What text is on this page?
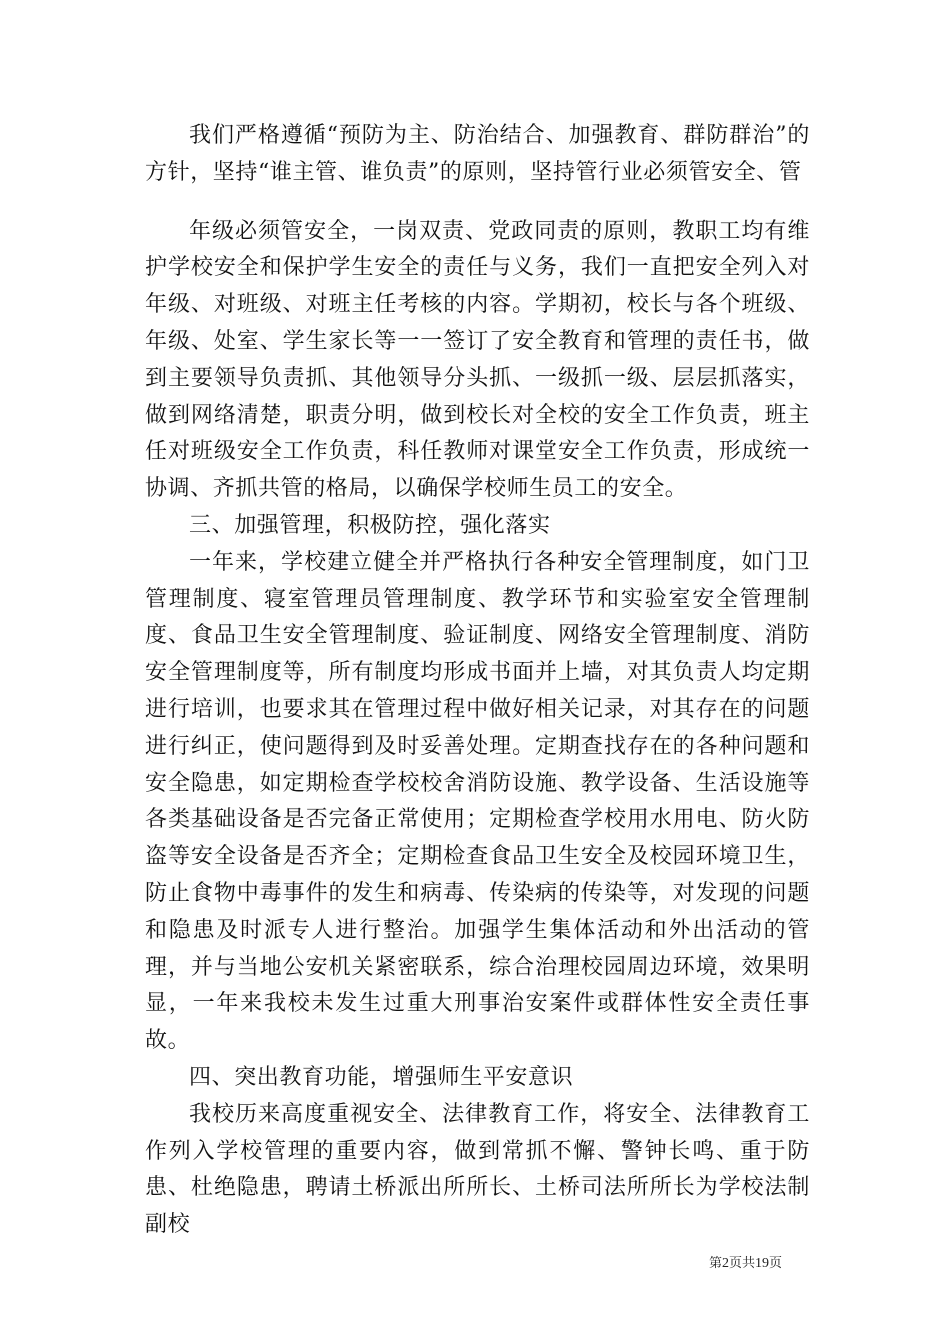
我们严格遵循“预防为主、防治结合、加强教育、群防群治”的方针，坚持“谁主管、谁负责”的原则，坚持管行业必须管安全、管

年级必须管安全，一岗双责、党政同责的原则，教职工均有维护学校安全和保护学生安全的责任与义务，我们一直把安全列入对年级、对班级、对班主任考核的内容。学期初，校长与各个班级、年级、处室、学生家长等一一签订了安全教育和管理的责任书，做到主要领导负责抓、其他领导分头抓、一级抓一级、层层抓落实，做到网络清楚，职责分明，做到校长对全校的安全工作负责，班主任对班级安全工作负责，科任教师对课堂安全工作负责，形成统一协调、齐抓共管的格局，以确保学校师生员工的安全。

三、加强管理，积极防控，强化落实

一年来，学校建立健全并严格执行各种安全管理制度，如门卫管理制度、寝室管理员管理制度、教学环节和实验室安全管理制度、食品卫生安全管理制度、验证制度、网络安全管理制度、消防安全管理制度等，所有制度均形成书面并上墙，对其负责人均定期进行培训，也要求其在管理过程中做好相关记录，对其存在的问题进行纠正，使问题得到及时妥善处理。定期查找存在的各种问题和安全隐患，如定期检查学校校舍消防设施、教学设备、生活设施等各类基础设备是否完备正常使用；定期检查学校用水用电、防火防盗等安全设备是否齐全；定期检查食品卫生安全及校园环境卫生，防止食物中毒事件的发生和病毒、传染病的传染等，对发现的问题和隐患及时派专人进行整治。加强学生集体活动和外出活动的管理，并与当地公安机关紧密联系，综合治理校园周边环境，效果明显，一年来我校未发生过重大刑事治安案件或群体性安全责任事故。

四、突出教育功能，增强师生平安意识

我校历来高度重视安全、法律教育工作，将安全、法律教育工作列入学校管理的重要内容，做到常抓不懈、警钟长鸣、重于防患、杜绝隐患，聘请土桥派出所所长、土桥司法所所长为学校法制副校

第2页共19页
